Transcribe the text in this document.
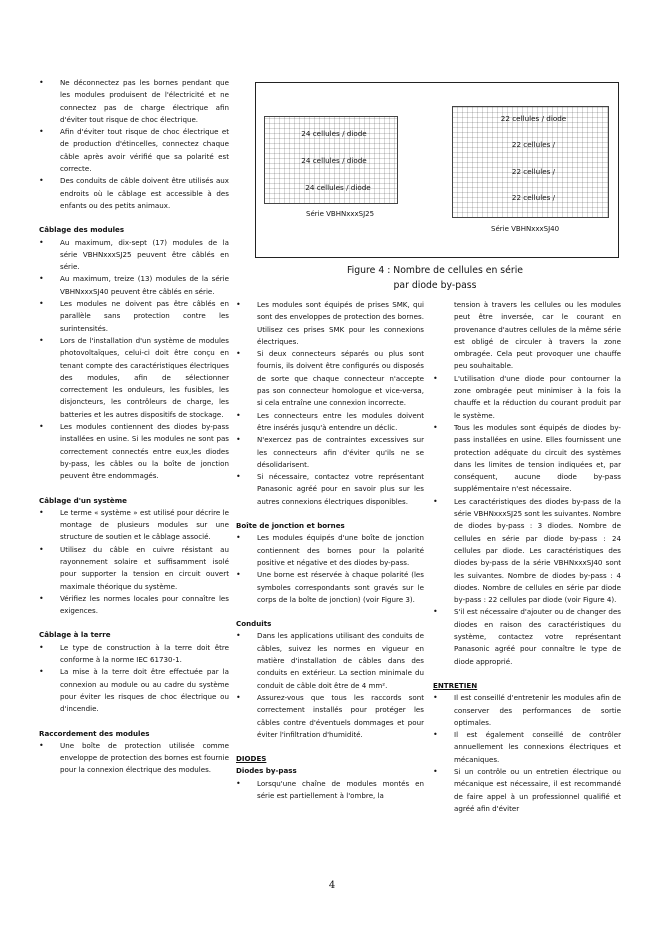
• Ne déconnectez pas les bornes pendant que les modules produisent de l'électricité et ne connectez pas de charge électrique afin d'éviter tout risque de choc électrique.
• Afin d'éviter tout risque de choc électrique et de production d'étincelles, connectez chaque câble après avoir vérifié que sa polarité est correcte.
• Des conduits de câble doivent être utilisés aux endroits où le câblage est accessible à des enfants ou des petits animaux.

Câblage des modules

• Au maximum, dix-sept (17) modules de la série VBHNxxxSJ25 peuvent être câblés en série.
• Au maximum, treize (13) modules de la série VBHNxxxSJ40 peuvent être câblés en série.
• Les modules ne doivent pas être câblés en parallèle sans protection contre les surintensités.
• Lors de l'installation d'un système de modules photovoltaïques, celui-ci doit être conçu en tenant compte des caractéristiques électriques des modules, afin de sélectionner correctement les onduleurs, les fusibles, les disjoncteurs, les contrôleurs de charge, les batteries et les autres dispositifs de stockage.
• Les modules contiennent des diodes by-pass installées en usine. Si les modules ne sont pas correctement connectés entre eux,les diodes by-pass, les câbles ou la boîte de jonction peuvent être endommagés.

Câblage d'un système

• Le terme « système » est utilisé pour décrire le montage de plusieurs modules sur une structure de soutien et le câblage associé.
• Utilisez du câble en cuivre résistant au rayonnement solaire et suffisamment isolé pour supporter la tension en circuit ouvert maximale théorique du système.
• Vérifiez les normes locales pour connaître les exigences.

Câblage à la terre

• Le type de construction à la terre doit être conforme à la norme IEC 61730-1.
• La mise à la terre doit être effectuée par la connexion au module ou au cadre du système pour éviter les risques de choc électrique ou d'incendie.

Raccordement des modules

• Une boîte de protection utilisée comme enveloppe de protection des bornes est fournie pour la connexion électrique des modules.
24 cellules / diode
24 cellules / diode
24 cellules / diode
Série VBHNxxxSJ25
22 cellules / diode
22 cellules /
22 cellules /
22 cellules /
Série VBHNxxxSJ40
Figure 4 : Nombre de cellules en série
par diode by-pass
• Les modules sont équipés de prises SMK, qui sont des enveloppes de protection des bornes. Utilisez ces prises SMK pour les connexions électriques.
• Si deux connecteurs séparés ou plus sont fournis, ils doivent être configurés ou disposés de sorte que chaque connecteur n'accepte pas son connecteur homologue et vice-versa, si cela entraîne une connexion incorrecte.
• Les connecteurs entre les modules doivent être insérés jusqu'à entendre un déclic.
• N'exercez pas de contraintes excessives sur les connecteurs afin d'éviter qu'ils ne se désolidarisent.
• Si nécessaire, contactez votre représentant Panasonic agréé pour en savoir plus sur les autres connexions électriques disponibles.

Boîte de jonction et bornes

• Les modules équipés d'une boîte de jonction contiennent des bornes pour la polarité positive et négative et des diodes by-pass.
• Une borne est réservée à chaque polarité (les symboles correspondants sont gravés sur le corps de la boîte de jonction) (voir Figure 3).

Conduits

• Dans les applications utilisant des conduits de câbles, suivez les normes en vigueur en matière d'installation de câbles dans des conduits en extérieur. La section minimale du conduit de câble doit être de 4 mm².
• Assurez-vous que tous les raccords sont correctement installés pour protéger les câbles contre d'éventuels dommages et pour éviter l'infiltration d'humidité.

DIODES

Diodes by-pass

• Lorsqu'une chaîne de modules montés en série est partiellement à l'ombre, la
tension à travers les cellules ou les modules peut être inversée, car le courant en provenance d'autres cellules de la même série est obligé de circuler à travers la zone ombragée. Cela peut provoquer une chauffe peu souhaitable.
• L'utilisation d'une diode pour contourner la zone ombragée peut minimiser à la fois la chauffe et la réduction du courant produit par le système.
• Tous les modules sont équipés de diodes by-pass installées en usine. Elles fournissent une protection adéquate du circuit des systèmes dans les limites de tension indiquées et, par conséquent, aucune diode by-pass supplémentaire n'est nécessaire.
• Les caractéristiques des diodes by-pass de la série VBHNxxxSJ25 sont les suivantes. Nombre de diodes by-pass : 3 diodes. Nombre de cellules en série par diode by-pass : 24 cellules par diode. Les caractéristiques des diodes by-pass de la série VBHNxxxSJ40 sont les suivantes. Nombre de diodes by-pass : 4 diodes. Nombre de cellules en série par diode by-pass : 22 cellules par diode (voir Figure 4).
• S'il est nécessaire d'ajouter ou de changer des diodes en raison des caractéristiques du système, contactez votre représentant Panasonic agréé pour connaître le type de diode approprié.

ENTRETIEN

• Il est conseillé d'entretenir les modules afin de conserver des performances de sortie optimales.
• Il est également conseillé de contrôler annuellement les connexions électriques et mécaniques.
• Si un contrôle ou un entretien électrique ou mécanique est nécessaire, il est recommandé de faire appel à un professionnel qualifié et agréé afin d'éviter
4
